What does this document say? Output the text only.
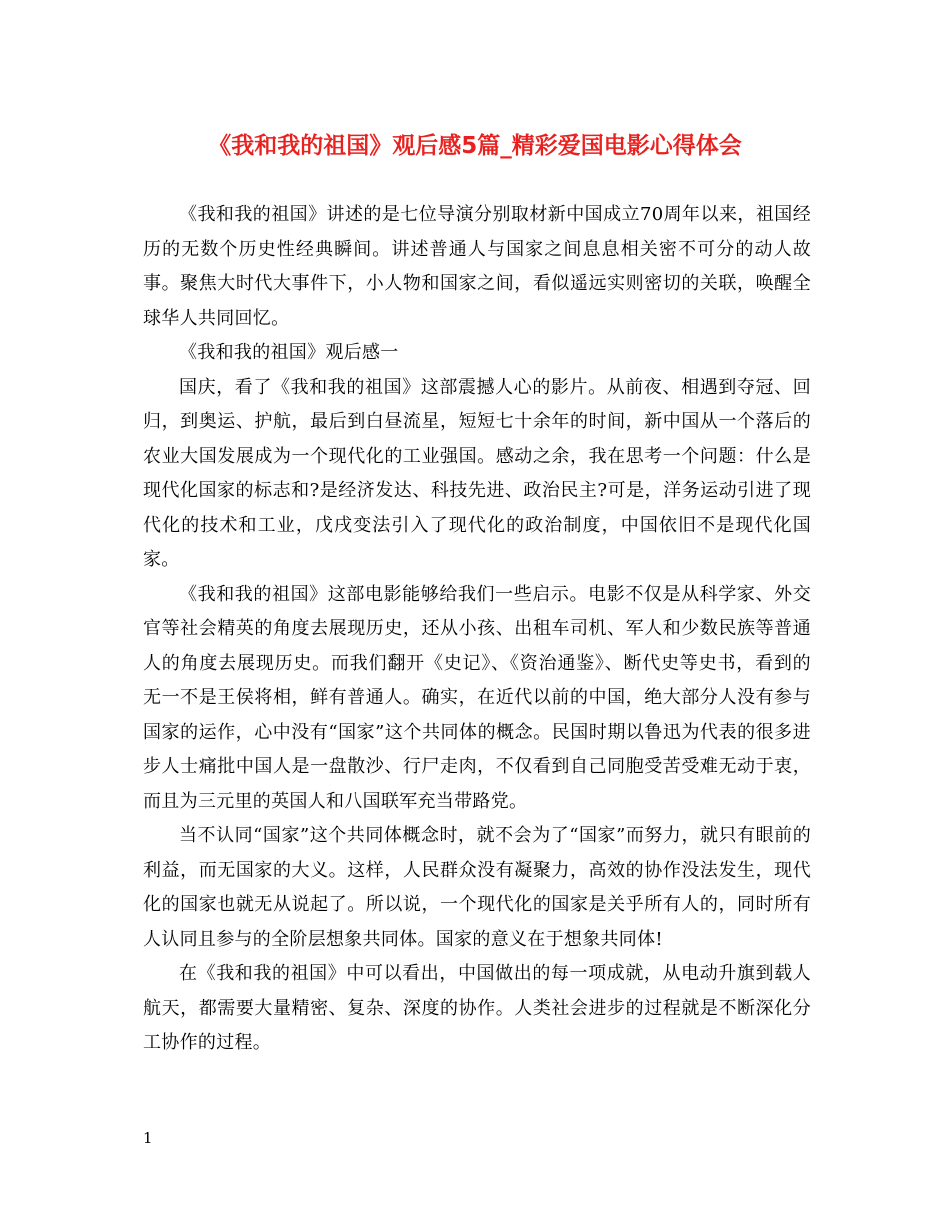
《我和我的祖国》观后感5篇_精彩爱国电影心得体会

《我和我的祖国》讲述的是七位导演分别取材新中国成立70周年以来，祖国经历的无数个历史性经典瞬间。讲述普通人与国家之间息息相关密不可分的动人故事。聚焦大时代大事件下，小人物和国家之间，看似遥远实则密切的关联，唤醒全球华人共同回忆。

《我和我的祖国》观后感一

国庆，看了《我和我的祖国》这部震撼人心的影片。从前夜、相遇到夺冠、回归，到奥运、护航，最后到白昼流星，短短七十余年的时间，新中国从一个落后的农业大国发展成为一个现代化的工业强国。感动之余，我在思考一个问题：什么是现代化国家的标志和?是经济发达、科技先进、政治民主?可是，洋务运动引进了现代化的技术和工业，戊戌变法引入了现代化的政治制度，中国依旧不是现代化国家。

《我和我的祖国》这部电影能够给我们一些启示。电影不仅是从科学家、外交官等社会精英的角度去展现历史，还从小孩、出租车司机、军人和少数民族等普通人的角度去展现历史。而我们翻开《史记》、《资治通鉴》、断代史等史书，看到的无一不是王侯将相，鲜有普通人。确实，在近代以前的中国，绝大部分人没有参与国家的运作，心中没有“国家”这个共同体的概念。民国时期以鲁迅为代表的很多进步人士痛批中国人是一盘散沙、行尸走肉，不仅看到自己同胞受苦受难无动于衷，而且为三元里的英国人和八国联军充当带路党。

当不认同“国家”这个共同体概念时，就不会为了“国家”而努力，就只有眼前的利益，而无国家的大义。这样，人民群众没有凝聚力，高效的协作没法发生，现代化的国家也就无从说起了。所以说，一个现代化的国家是关乎所有人的，同时所有人认同且参与的全阶层想象共同体。国家的意义在于想象共同体!

在《我和我的祖国》中可以看出，中国做出的每一项成就，从电动升旗到载人航天，都需要大量精密、复杂、深度的协作。人类社会进步的过程就是不断深化分工协作的过程。

1
